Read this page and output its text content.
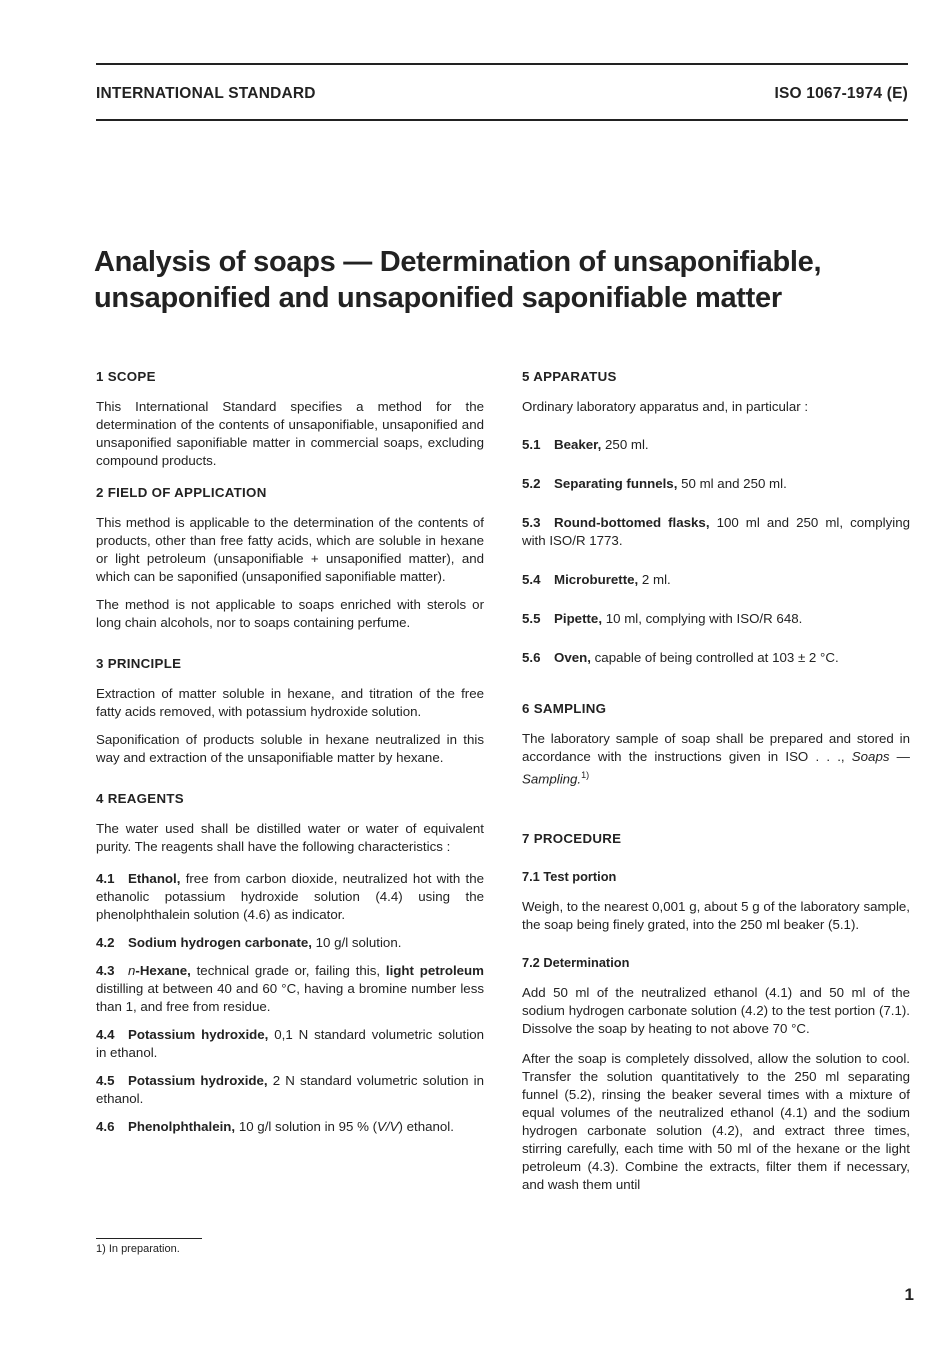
INTERNATIONAL STANDARD	ISO 1067-1974 (E)
Analysis of soaps — Determination of unsaponifiable,
unsaponified and unsaponified saponifiable matter
1 SCOPE

This International Standard specifies a method for the determination of the contents of unsaponifiable, unsaponified and unsaponified saponifiable matter in commercial soaps, excluding compound products.

2 FIELD OF APPLICATION

This method is applicable to the determination of the contents of products, other than free fatty acids, which are soluble in hexane or light petroleum (unsaponifiable + unsaponified matter), and which can be saponified (unsaponified saponifiable matter).

The method is not applicable to soaps enriched with sterols or long chain alcohols, nor to soaps containing perfume.

3 PRINCIPLE

Extraction of matter soluble in hexane, and titration of the free fatty acids removed, with potassium hydroxide solution.

Saponification of products soluble in hexane neutralized in this way and extraction of the unsaponifiable matter by hexane.

4 REAGENTS

The water used shall be distilled water or water of equivalent purity. The reagents shall have the following characteristics :

4.1 Ethanol, free from carbon dioxide, neutralized hot with the ethanolic potassium hydroxide solution (4.4) using the phenolphthalein solution (4.6) as indicator.

4.2 Sodium hydrogen carbonate, 10 g/l solution.

4.3 n-Hexane, technical grade or, failing this, light petroleum distilling at between 40 and 60 °C, having a bromine number less than 1, and free from residue.

4.4 Potassium hydroxide, 0,1 N standard volumetric solution in ethanol.

4.5 Potassium hydroxide, 2 N standard volumetric solution in ethanol.

4.6 Phenolphthalein, 10 g/l solution in 95 % (V/V) ethanol.

1) In preparation.
5 APPARATUS

Ordinary laboratory apparatus and, in particular :

5.1 Beaker, 250 ml.

5.2 Separating funnels, 50 ml and 250 ml.

5.3 Round-bottomed flasks, 100 ml and 250 ml, complying with ISO/R 1773.

5.4 Microburette, 2 ml.

5.5 Pipette, 10 ml, complying with ISO/R 648.

5.6 Oven, capable of being controlled at 103 ± 2 °C.

6 SAMPLING

The laboratory sample of soap shall be prepared and stored in accordance with the instructions given in ISO . . ., Soaps — Sampling.$^{1)}$

7 PROCEDURE
7.1 Test portion

Weigh, to the nearest 0,001 g, about 5 g of the laboratory sample, the soap being finely grated, into the 250 ml beaker (5.1).

7.2 Determination

Add 50 ml of the neutralized ethanol (4.1) and 50 ml of the sodium hydrogen carbonate solution (4.2) to the test portion (7.1). Dissolve the soap by heating to not above 70 °C.

After the soap is completely dissolved, allow the solution to cool. Transfer the solution quantitatively to the 250 ml separating funnel (5.2), rinsing the beaker several times with a mixture of equal volumes of the neutralized ethanol (4.1) and the sodium hydrogen carbonate solution (4.2), and extract three times, stirring carefully, each time with 50 ml of the hexane or the light petroleum (4.3). Combine the extracts, filter them if necessary, and wash them until

1
